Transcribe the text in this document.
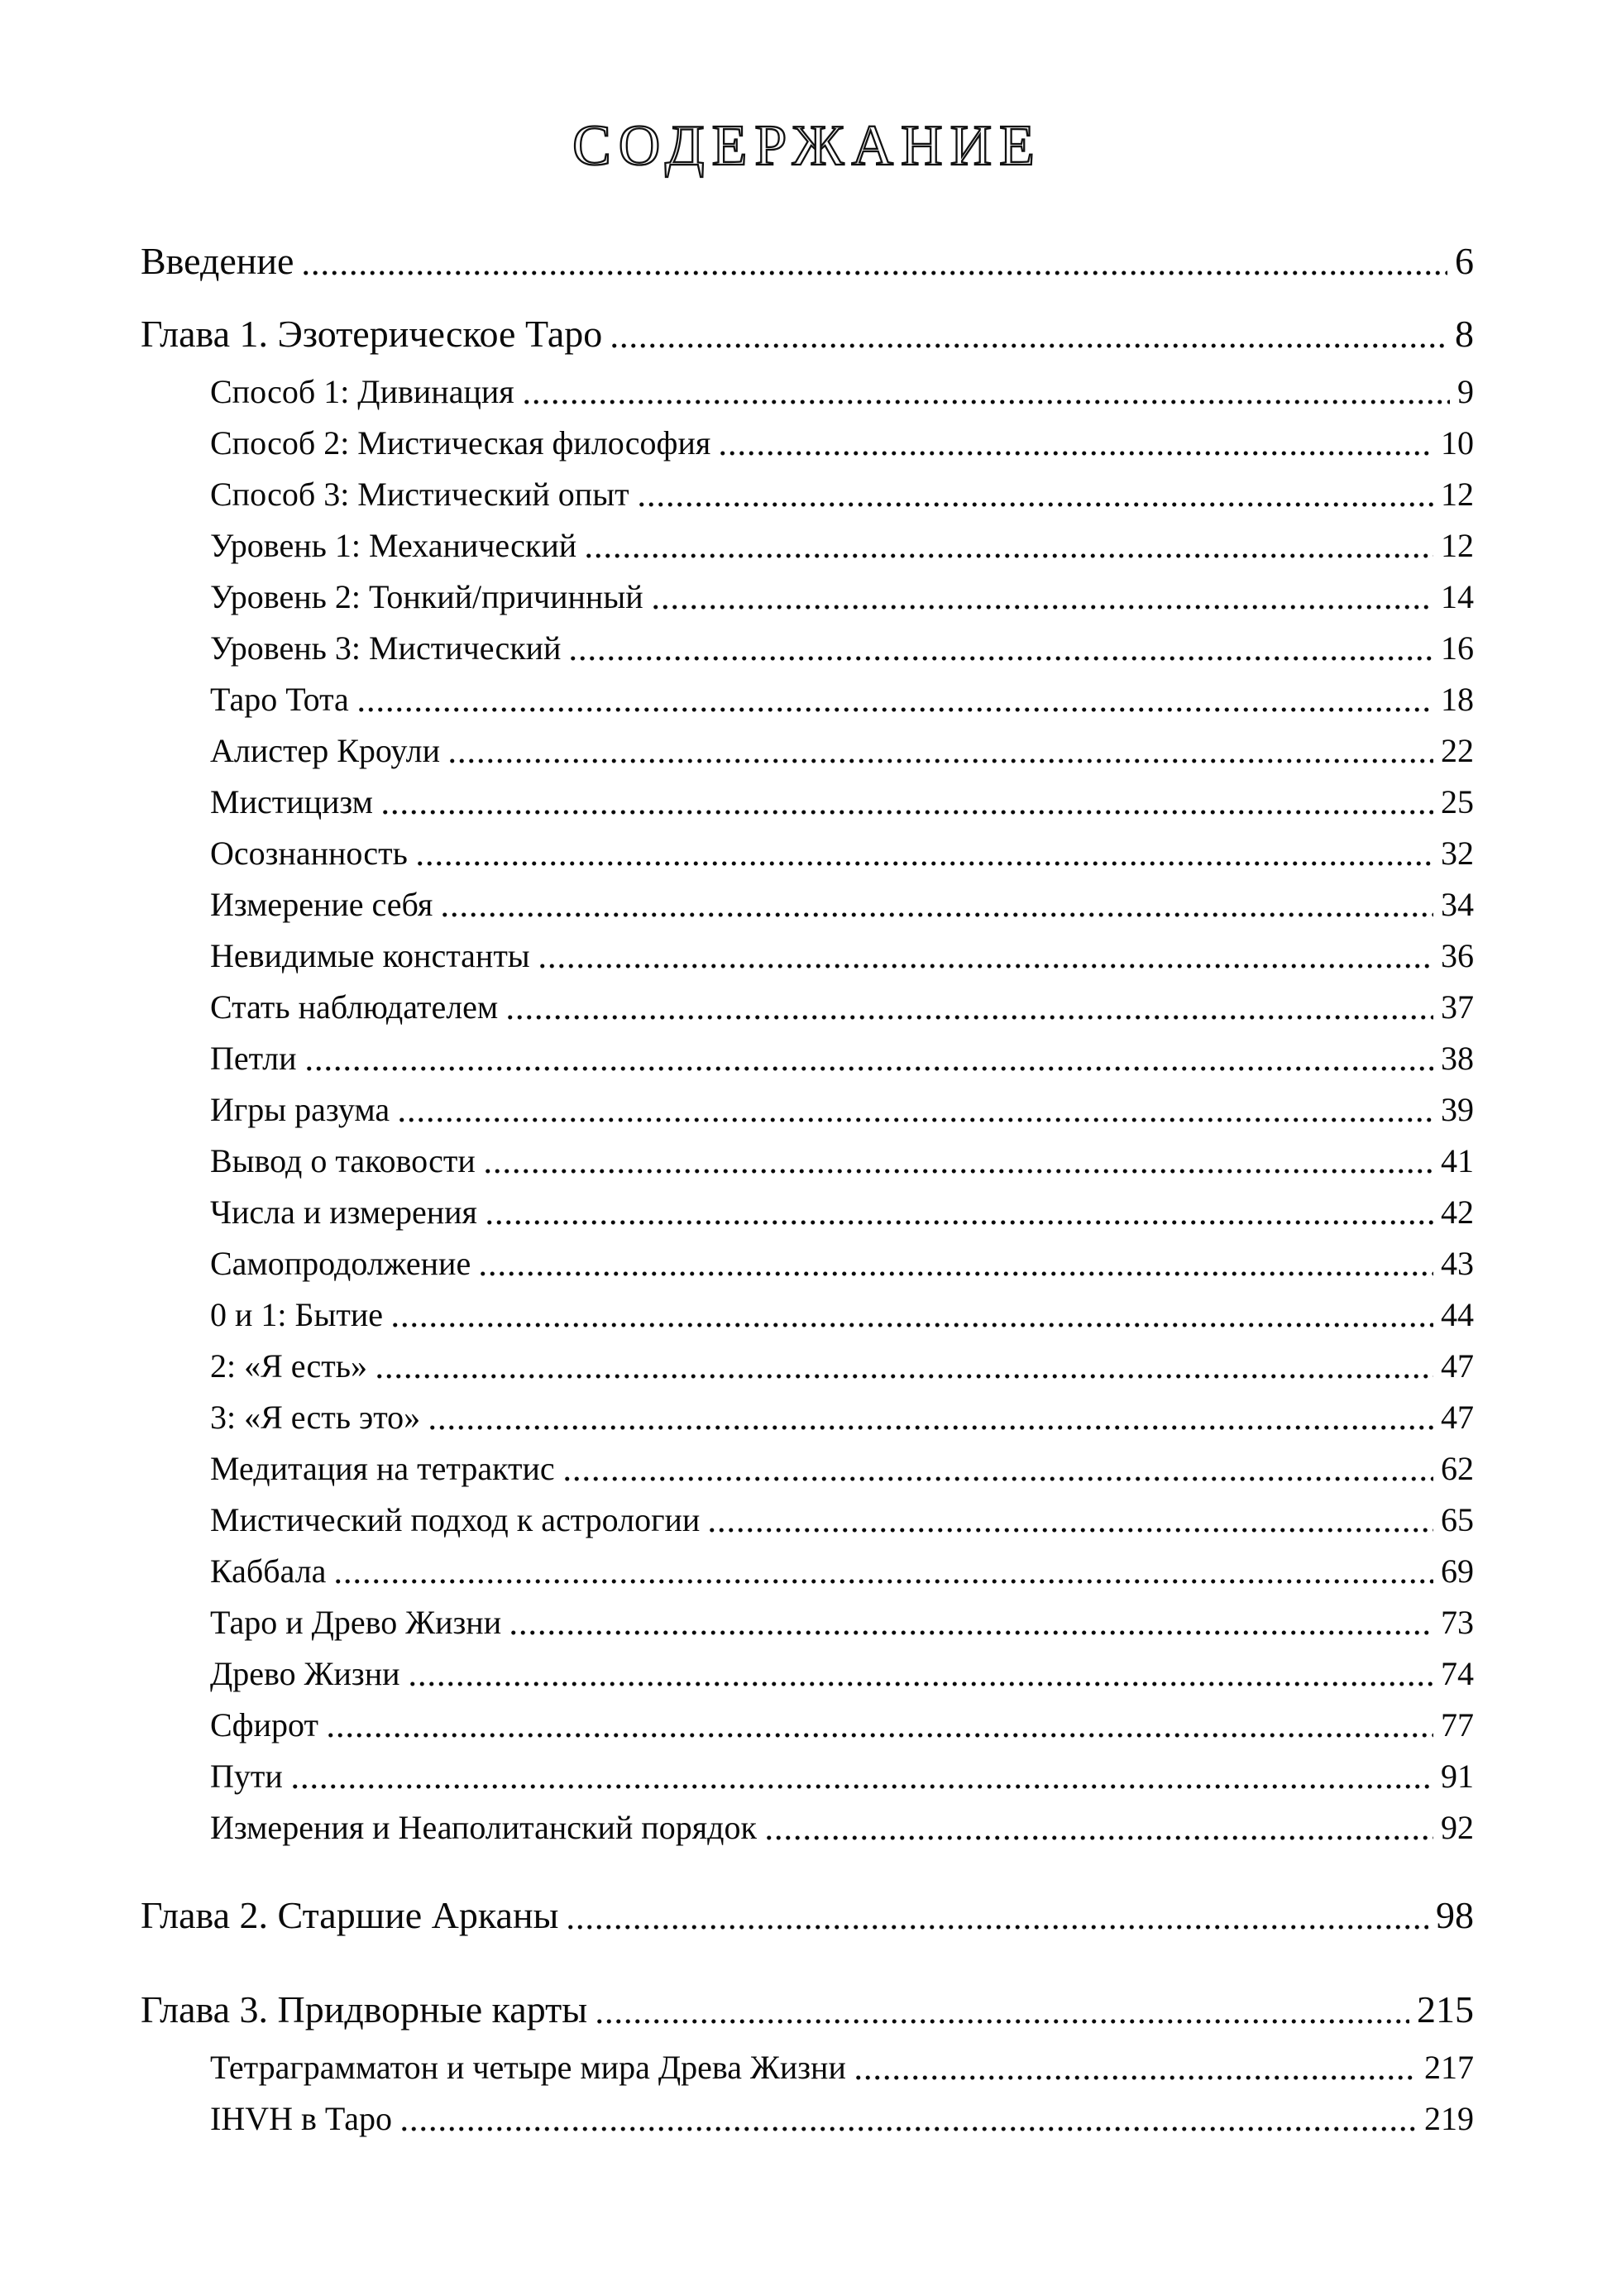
СОДЕРЖАНИЕ
Введение	6
Глава 1. Эзотерическое Таро	8
Способ 1: Дивинация	9
Способ 2: Мистическая философия	10
Способ 3: Мистический опыт	12
Уровень 1: Механический	12
Уровень 2: Тонкий/причинный	14
Уровень 3: Мистический	16
Таро Тота	18
Алистер Кроули	22
Мистицизм	25
Осознанность	32
Измерение себя	34
Невидимые константы	36
Стать наблюдателем	37
Петли	38
Игры разума	39
Вывод о таковости	41
Числа и измерения	42
Самопродолжение	43
0 и 1: Бытие	44
2: «Я есть»	47
3: «Я есть это»	47
Медитация на тетрактис	62
Мистический подход к астрологии	65
Каббала	69
Таро и Древо Жизни	73
Древо Жизни	74
Сфирот	77
Пути	91
Измерения и Неаполитанский порядок	92
Глава 2. Старшие Арканы	98
Глава 3. Придворные карты	215
Тетраграмматон и четыре мира Древа Жизни	217
IHVH в Таро	219
